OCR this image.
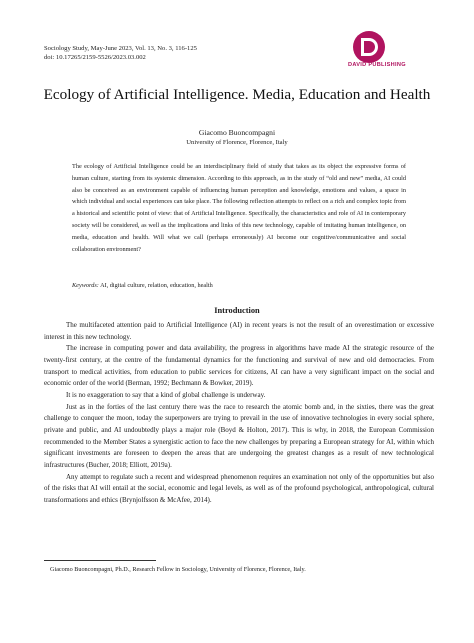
Sociology Study, May-June 2023, Vol. 13, No. 3, 116-125
doi: 10.17265/2159-5526/2023.03.002
DAVID PUBLISHING
Ecology of Artificial Intelligence. Media, Education and Health
Giacomo Buoncompagni
University of Florence, Florence, Italy

The ecology of Artificial Intelligence could be an interdisciplinary field of study that takes as its object the expressive forms of human culture, starting from its systemic dimension. According to this approach, as in the study of “old and new” media, AI could also be conceived as an environment capable of influencing human perception and knowledge, emotions and values, a space in which individual and social experiences can take place. The following reflection attempts to reflect on a rich and complex topic from a historical and scientific point of view: that of Artificial Intelligence. Specifically, the characteristics and role of AI in contemporary society will be considered, as well as the implications and links of this new technology, capable of imitating human intelligence, on media, education and health. Will what we call (perhaps erroneously) AI become our cognitive/communicative and social collaboration environment?

Keywords: AI, digital culture, relation, education, health
Introduction

The multifaceted attention paid to Artificial Intelligence (AI) in recent years is not the result of an overestimation or excessive interest in this new technology.

The increase in computing power and data availability, the progress in algorithms have made AI the strategic resource of the twenty-first century, at the centre of the fundamental dynamics for the functioning and survival of new and old democracies. From transport to medical activities, from education to public services for citizens, AI can have a very significant impact on the social and economic order of the world (Berman, 1992; Bechmann & Bowker, 2019).

It is no exaggeration to say that a kind of global challenge is underway.

Just as in the forties of the last century there was the race to research the atomic bomb and, in the sixties, there was the great challenge to conquer the moon, today the superpowers are trying to prevail in the use of innovative technologies in every social sphere, private and public, and AI undoubtedly plays a major role (Boyd & Holton, 2017). This is why, in 2018, the European Commission recommended to the Member States a synergistic action to face the new challenges by preparing a European strategy for AI, within which significant investments are foreseen to deepen the areas that are undergoing the greatest changes as a result of new technological infrastructures (Bucher, 2018; Elliott, 2019a).

Any attempt to regulate such a recent and widespread phenomenon requires an examination not only of the opportunities but also of the risks that AI will entail at the social, economic and legal levels, as well as of the profound psychological, anthropological, cultural transformations and ethics (Brynjolfsson & McAfee, 2014).

Giacomo Buoncompagni, Ph.D., Research Fellow in Sociology, University of Florence, Florence, Italy.
